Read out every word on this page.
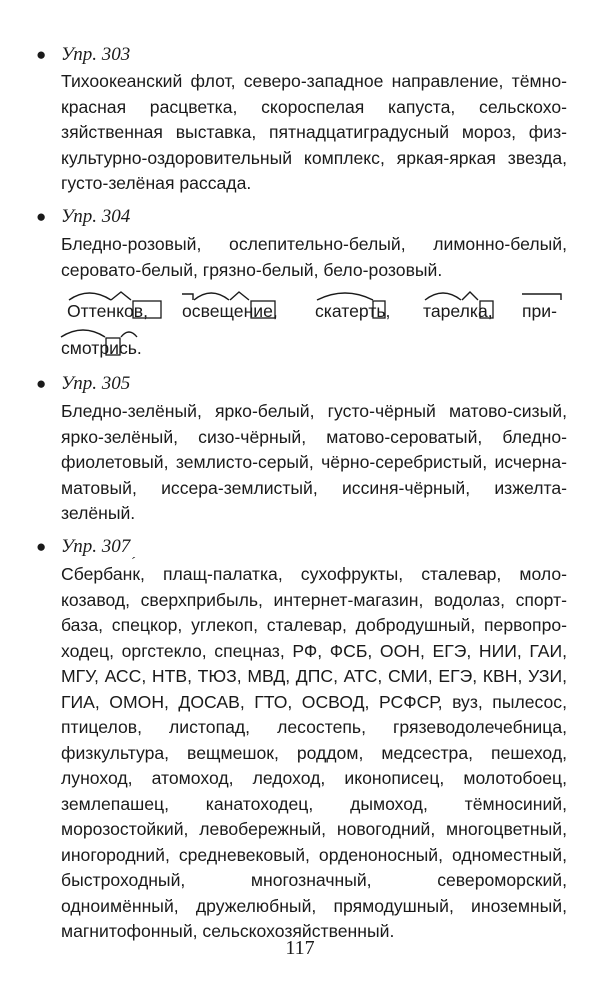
● Упр. 303
Тихоокеанский флот, северо-западное направление, тёмно-красная расцветка, скороспелая капуста, сельскохозяйственная выставка, пятнадцатиградусный мороз, физкультурно-оздоровительный комплекс, яркая-яркая звезда, густо-зелёная рассада.
● Упр. 304
Бледно-розовый, ослепительно-белый, лимонно-белый, серовато-белый, грязно-белый, бело-розовый.
Оттенков, освещение, скатерть, тарелка, при-
смотрись.
● Упр. 305
Бледно-зелёный, ярко-белый, густо-чёрный матово-сизый, ярко-зелёный, сизо-чёрный, матово-сероватый, бледно-фиолетовый, землисто-серый, чёрно-серебристый, исчерна-матовый, иссера-землистый, иссиня-чёрный, изжелта-зелёный.
● Упр. $307_ˏ$
Сбербанк, плащ-палатка, сухофрукты, сталевар, молокозавод, сверхприбыль, интернет-магазин, водолаз, спортбаза, спецкор, углекоп, сталевар, добродушный, первопроходец, оргстекло, спецназ, РФ, ФСБ, ООН, ЕГЭ, НИИ, ГАИ, МГУ, АСС, НТВ, ТЮЗ, МВД, ДПС, АТС, СМИ, ЕГЭ, КВН, УЗИ, ГИА, ОМОН, ДОСАВ, ГТО, ОСВОД, РСФСР, вуз, пылесос, птицелов, листопад, лесостепь, грязеводолечебница, физкультура, вещмешок, роддом, медсестра, пешеход, луноход, атомоход, ледоход, иконописец, молотобоец, землепашец, канатоходец, дымоход, тёмносиний, морозостойкий, левобережный, новогодний, многоцветный, иногородний, средневековый, орденоносный, одноместный, быстроходный, многозначный, североморский, одноимённый, дружелюбный, прямодушный, иноземный, магнитофонный, сельскохозяйственный.
117
